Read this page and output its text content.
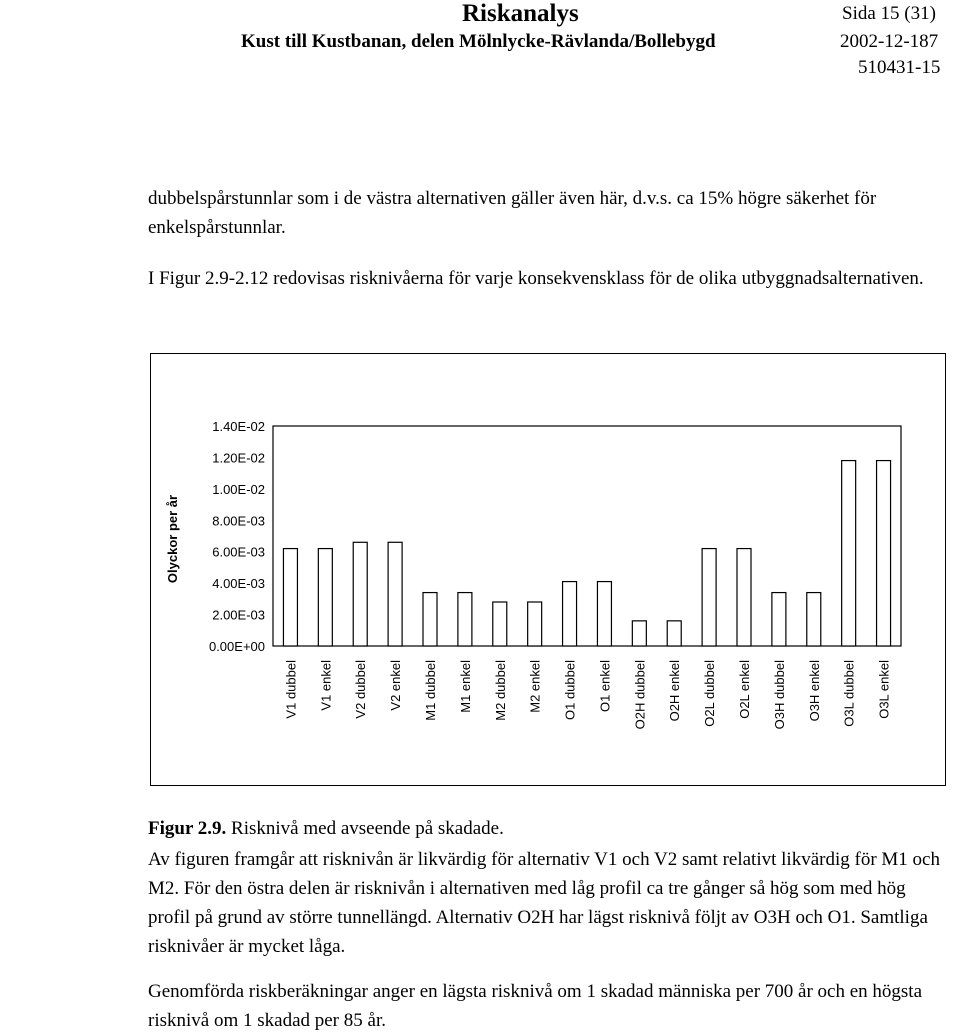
Riskanalys	Sida 15 (31)
Kust till Kustbanan, delen Mölnlycke-Rävlanda/Bollebygd	2002-12-187
510431-15

dubbelspårstunnlar som i de västra alternativen gäller även här, d.v.s. ca 15% högre säkerhet för enkelspårstunnlar.

I Figur 2.9-2.12 redovisas risknivåerna för varje konsekvensklass för de olika utbyggnadsalternativen.

Olyckor per år
0.00E+00
2.00E-03
4.00E-03
6.00E-03
8.00E-03
1.00E-02
1.20E-02
1.40E-02
V1 dubbel V1 enkel V2 dubbel V2 enkel M1 dubbel M1 enkel M2 dubbel M2 enkel O1 dubbel O1 enkel O2H dubbel O2H enkel O2L dubbel O2L enkel O3H dubbel O3H enkel O3L dubbel O3L enkel
Figur 2.9. Risknivå med avseende på skadade.

Av figuren framgår att risknivån är likvärdig för alternativ V1 och V2 samt relativt likvärdig för M1 och M2. För den östra delen är risknivån i alternativen med låg profil ca tre gånger så hög som med hög profil på grund av större tunnellängd. Alternativ O2H har lägst risknivå följt av O3H och O1. Samtliga risknivåer är mycket låga.

Genomförda riskberäkningar anger en lägsta risknivå om 1 skadad människa per 700 år och en högsta risknivå om 1 skadad per 85 år.
